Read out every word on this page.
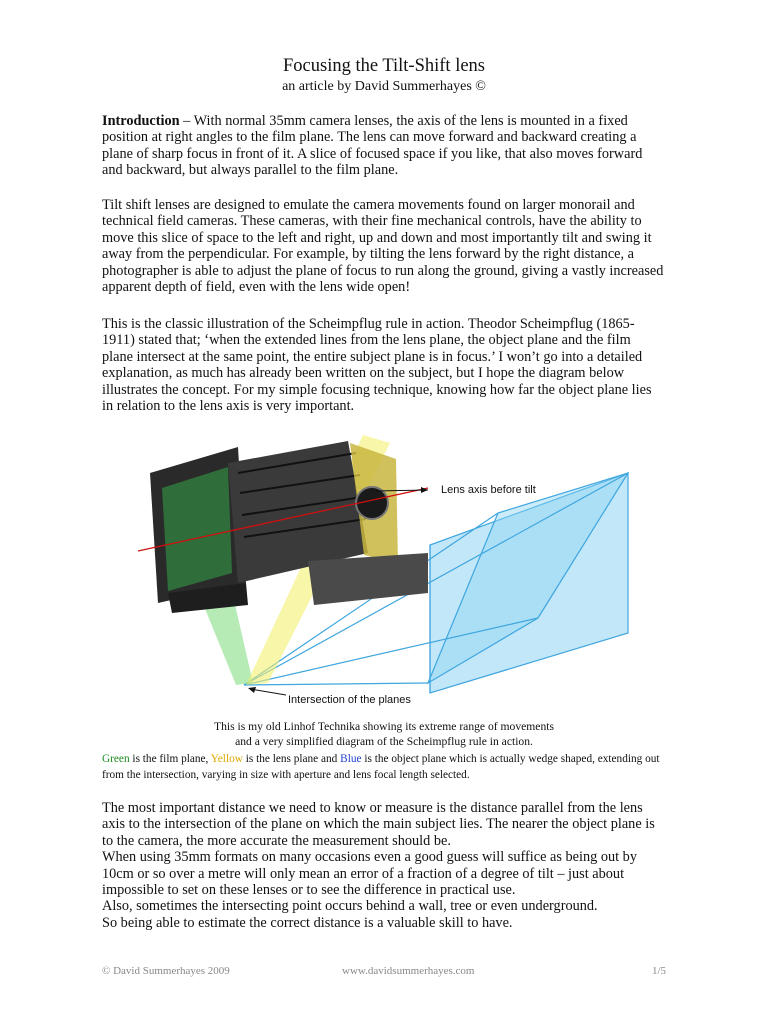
Focusing the Tilt-Shift lens
an article by David Summerhayes ©

Introduction – With normal 35mm camera lenses, the axis of the lens is mounted in a fixed position at right angles to the film plane. The lens can move forward and backward creating a plane of sharp focus in front of it. A slice of focused space if you like, that also moves forward and backward, but always parallel to the film plane.

Tilt shift lenses are designed to emulate the camera movements found on larger monorail and technical field cameras. These cameras, with their fine mechanical controls, have the ability to move this slice of space to the left and right, up and down and most importantly tilt and swing it away from the perpendicular. For example, by tilting the lens forward by the right distance, a photographer is able to adjust the plane of focus to run along the ground, giving a vastly increased apparent depth of field, even with the lens wide open!

This is the classic illustration of the Scheimpflug rule in action. Theodor Scheimpflug (1865-1911) stated that; ‘when the extended lines from the lens plane, the object plane and the film plane intersect at the same point, the entire subject plane is in focus.’ I won’t go into a detailed explanation, as much has already been written on the subject, but I hope the diagram below illustrates the concept. For my simple focusing technique, knowing how far the object plane lies in relation to the lens axis is very important.

Lens axis before tilt
Intersection of the planes
This is my old Linhof Technika showing its extreme range of movements
and a very simplified diagram of the Scheimpflug rule in action.

Green is the film plane, Yellow is the lens plane and Blue is the object plane which is actually wedge shaped, extending out from the intersection, varying in size with aperture and lens focal length selected.

The most important distance we need to know or measure is the distance parallel from the lens axis to the intersection of the plane on which the main subject lies. The nearer the object plane is to the camera, the more accurate the measurement should be.
When using 35mm formats on many occasions even a good guess will suffice as being out by 10cm or so over a metre will only mean an error of a fraction of a degree of tilt – just about impossible to set on these lenses or to see the difference in practical use.
Also, sometimes the intersecting point occurs behind a wall, tree or even underground.
So being able to estimate the correct distance is a valuable skill to have.

© David Summerhayes 2009	www.davidsummerhayes.com	1/5
